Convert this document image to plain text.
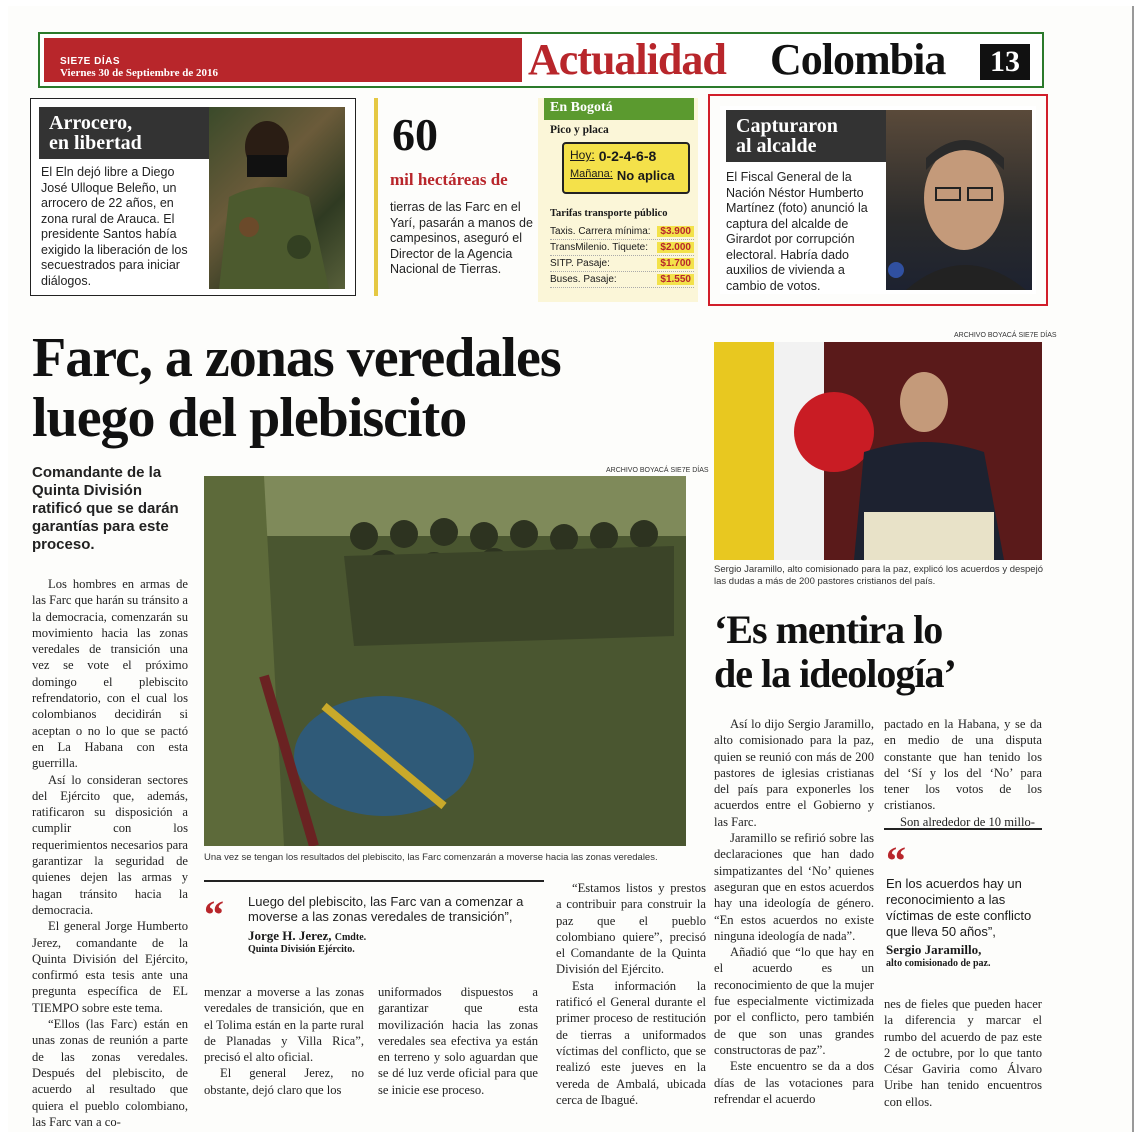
SIE7E DÍAS
Viernes 30 de Septiembre de 2016	Actualidad Colombia	13
Arrocero,
en libertad
El Eln dejó libre a Diego José Ulloque Beleño, un arrocero de 22 años, en zona rural de Arauca. El presidente Santos había exigido la liberación de los secuestrados para iniciar diálogos.
60
mil hectáreas de
tierras de las Farc en el Yarí, pasarán a manos de campesinos, aseguró el Director de la Agencia Nacional de Tierras.
En Bogotá
Pico y placa
Hoy: 0-2-4-6-8
Mañana: No aplica
Tarifas transporte público
Taxis. Carrera mínima: $3.900
TransMilenio. Tiquete:	$2.000
SITP. Pasaje:	$1.700
Buses. Pasaje:	$1.550
Capturaron
al alcalde
El Fiscal General de la Nación Néstor Humberto Martínez (foto) anunció la captura del alcalde de Girardot por corrupción electoral. Habría dado auxilios de vivienda a cambio de votos.
Farc, a zonas veredales
luego del plebiscito
Comandante de la Quinta División ratificó que se darán garantías para este proceso.
ARCHIVO BOYACÁ SIE7E DÍAS
Una vez se tengan los resultados del plebiscito, las Farc comenzarán a moverse hacia las zonas veredales.

Los hombres en armas de las Farc que harán su tránsito a la democracia, comenzarán su movimiento hacia las zonas veredales de transición una vez se vote el próximo domingo el plebiscito refrendatorio, con el cual los colombianos decidirán si aceptan o no lo que se pactó en La Habana con esta guerrilla.

Así lo consideran sectores del Ejército que, además, ratificaron su disposición a cumplir con los requerimientos necesarios para garantizar la seguridad de quienes dejen las armas y hagan tránsito hacia la democracia.

El general Jorge Humberto Jerez, comandante de la Quinta División del Ejército, confirmó esta tesis ante una pregunta específica de EL TIEMPO sobre este tema.

“Ellos (las Farc) están en unas zonas de reunión a parte de las zonas veredales. Después del plebiscito, de acuerdo al resultado que quiera el pueblo colombiano, las Farc van a co-

“ Luego del plebiscito, las Farc van a comenzar a moverse a las zonas veredales de transición”,
Jorge H. Jerez, Cmdte.
Quinta División Ejército.

menzar a moverse a las zonas veredales de transición, que en el Tolima están en la parte rural de Planadas y Villa Rica”, precisó el alto oficial.

El general Jerez, no obstante, dejó claro que los

uniformados dispuestos a garantizar que esta movilización hacia las zonas veredales sea efectiva ya están en terreno y solo aguardan que se dé luz verde oficial para que se inicie ese proceso.

“Estamos listos y prestos a contribuir para construir la paz que el pueblo colombiano quiere”, precisó el Comandante de la Quinta División del Ejército.

Esta información la ratificó el General durante el primer proceso de restitución de tierras a uniformados víctimas del conflicto, que se realizó este jueves en la vereda de Ambalá, ubicada cerca de Ibagué.

ARCHIVO BOYACÁ SIE7E DÍAS
Sergio Jaramillo, alto comisionado para la paz, explicó los acuerdos y despejó las dudas a más de 200 pastores cristianos del país.
‘Es mentira lo
de la ideología’

Así lo dijo Sergio Jaramillo, alto comisionado para la paz, quien se reunió con más de 200 pastores de iglesias cristianas del país para exponerles los acuerdos entre el Gobierno y las Farc.

Jaramillo se refirió sobre las declaraciones que han dado simpatizantes del ‘No’ quienes aseguran que en estos acuerdos hay una ideología de género. “En estos acuerdos no existe ninguna ideología de nada”.

Añadió que “lo que hay en el acuerdo es un reconocimiento de que la mujer fue especialmente victimizada por el conflicto, pero también de que son unas grandes constructoras de paz”.

Este encuentro se da a dos días de las votaciones para refrendar el acuerdo

pactado en la Habana, y se da en medio de una disputa constante que han tenido los del ‘Sí y los del ‘No’ para tener los votos de los cristianos.

Son alrededor de 10 millo-

“
En los acuerdos hay un reconocimiento a las víctimas de este conflicto que lleva 50 años”,
Sergio Jaramillo,
alto comisionado de paz.

nes de fieles que pueden hacer la diferencia y marcar el rumbo del acuerdo de paz este 2 de octubre, por lo que tanto César Gaviria como Álvaro Uribe han tenido encuentros con ellos.
